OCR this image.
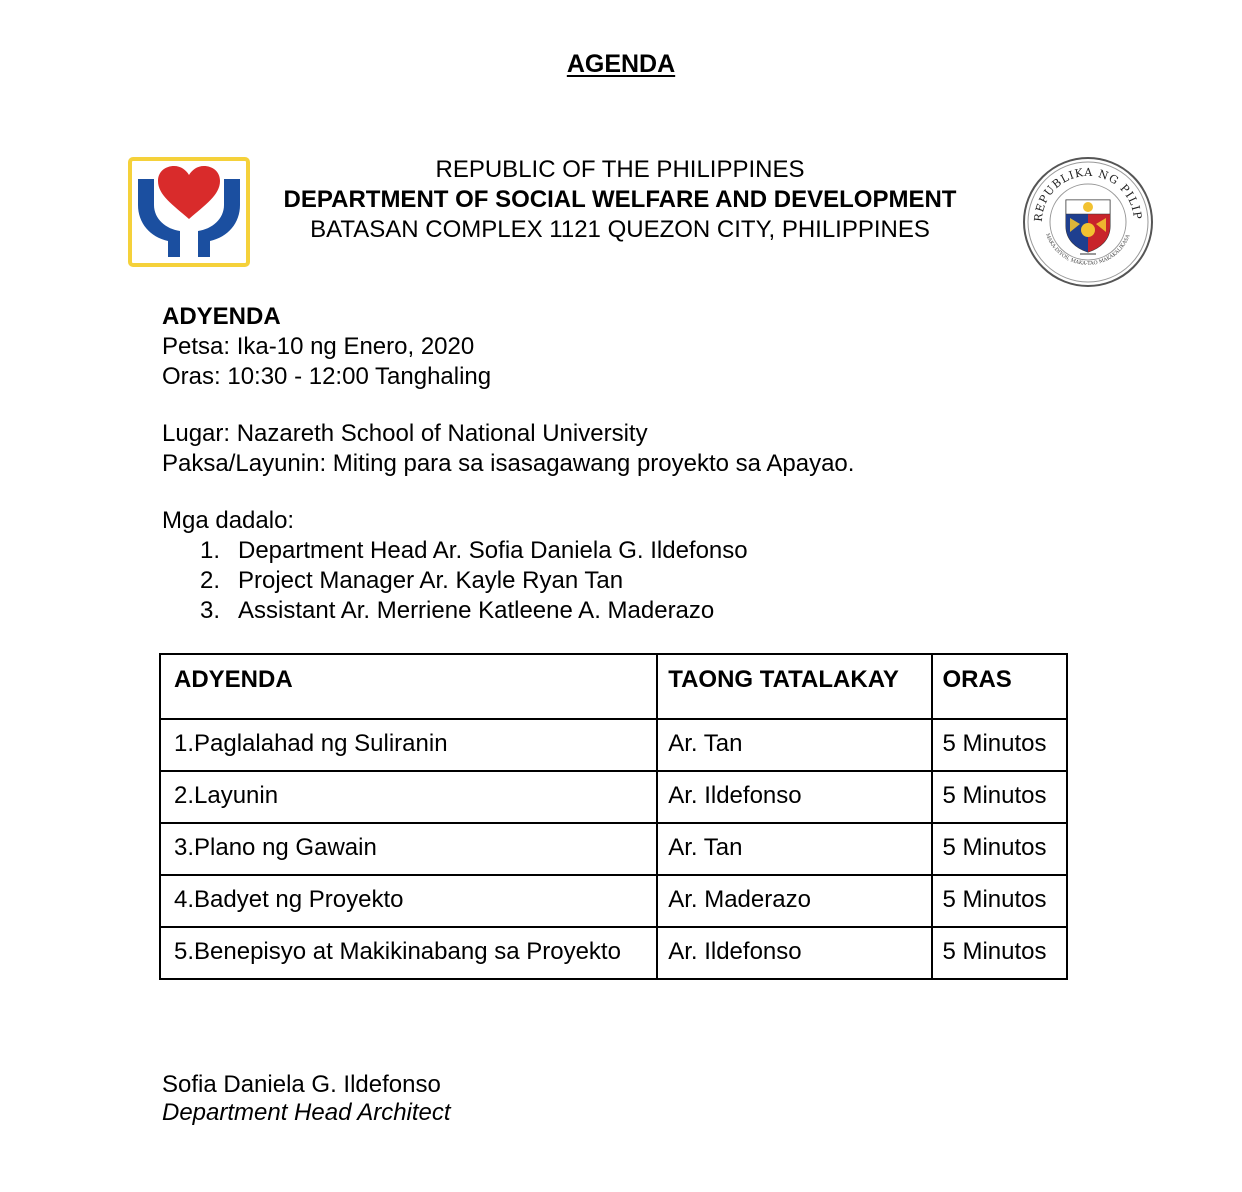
AGENDA
REPUBLIC OF THE PHILIPPINES
DEPARTMENT OF SOCIAL WELFARE AND DEVELOPMENT
BATASAN COMPLEX 1121 QUEZON CITY, PHILIPPINES	REPUBLIKA NG PILIP
MAKA-DIYOS, MAKA-TAO MAKAKALIKASA
ADYENDA
Petsa: Ika-10 ng Enero, 2020
Oras: 10:30 - 12:00 Tanghaling
Lugar: Nazareth School of National University
Paksa/Layunin: Miting para sa isasagawang proyekto sa Apayao.
Mga dadalo:
1. Department Head Ar. Sofia Daniela G. Ildefonso
2. Project Manager Ar. Kayle Ryan Tan
3. Assistant Ar. Merriene Katleene A. Maderazo
ADYENDA	TAONG TATALAKAY	ORAS
1.Paglalahad ng Suliranin	Ar. Tan	5 Minutos
2.Layunin	Ar. Ildefonso	5 Minutos
3.Plano ng Gawain	Ar. Tan	5 Minutos
4.Badyet ng Proyekto	Ar. Maderazo	5 Minutos
5.Benepisyo at Makikinabang sa Proyekto	Ar. Ildefonso	5 Minutos
Sofia Daniela G. Ildefonso
Department Head Architect
